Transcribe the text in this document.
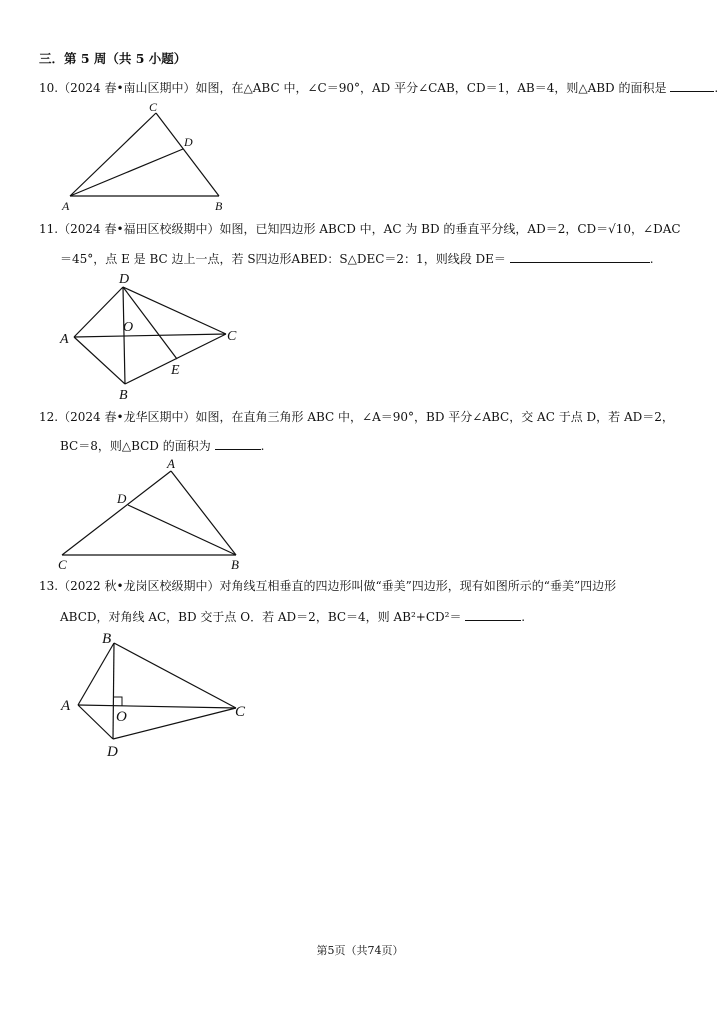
三．第 5 周（共 5 小题）
10.（2024 春•南山区期中）如图，在△ABC 中，∠C＝90°，AD 平分∠CAB，CD＝1，AB＝4，则△ABD 的面积是	.
C
D
A	B
11.（2024 春•福田区校级期中）如图，已知四边形 ABCD 中，AC 为 BD 的垂直平分线，AD＝2，CD＝√10，∠DAC
＝45°，点 E 是 BC 边上一点，若 S四边形ABED：S△DEC＝2：1，则线段 DE＝	.
D
A
O
C
E
B
12.（2024 春•龙华区期中）如图，在直角三角形 ABC 中，∠A＝90°，BD 平分∠ABC，交 AC 于点 D，若 AD＝2，
BC＝8，则△BCD 的面积为	.
A
D
C	B
13.（2022 秋•龙岗区校级期中）对角线互相垂直的四边形叫做“垂美”四边形，现有如图所示的“垂美”四边形
ABCD，对角线 AC，BD 交于点 O．若 AD＝2，BC＝4，则 AB²+CD²＝	.
B
A
O	C
D
第5页（共74页）
